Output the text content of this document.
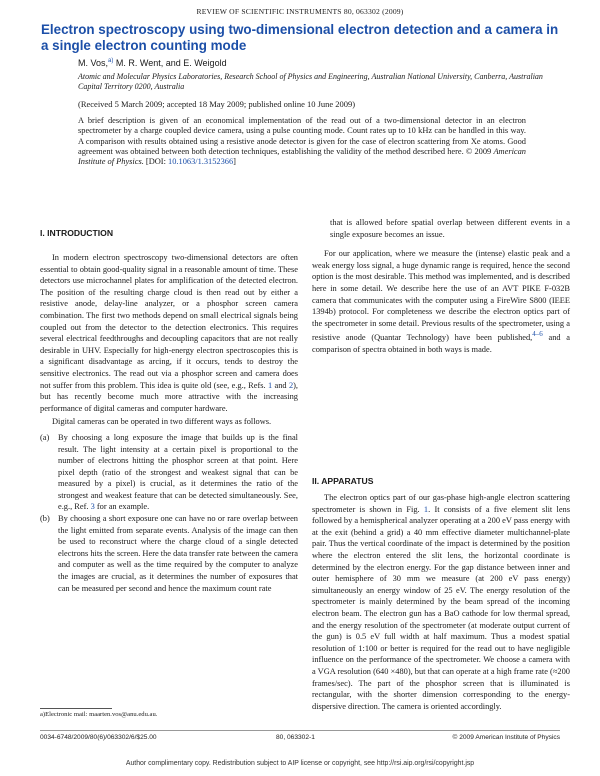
REVIEW OF SCIENTIFIC INSTRUMENTS 80, 063302 (2009)
Electron spectroscopy using two-dimensional electron detection and a camera in a single electron counting mode
M. Vos,$^{a)}$ M. R. Went, and E. Weigold
Atomic and Molecular Physics Laboratories, Research School of Physics and Engineering, Australian National University, Canberra, Australian Capital Territory 0200, Australia
(Received 5 March 2009; accepted 18 May 2009; published online 10 June 2009)
A brief description is given of an economical implementation of the read out of a two-dimensional detector in an electron spectrometer by a charge coupled device camera, using a pulse counting mode. Count rates up to 10 kHz can be handled in this way. A comparison with results obtained using a resistive anode detector is given for the case of electron scattering from Xe atoms. Good agreement was obtained between both detection techniques, establishing the validity of the method described here. © 2009 American Institute of Physics. [DOI: 10.1063/1.3152366]
I. INTRODUCTION

In modern electron spectroscopy two-dimensional detectors are often essential to obtain good-quality signal in a reasonable amount of time. These detectors use microchannel plates for amplification of the detected electron. The position of the resulting charge cloud is then read out by either a resistive anode, delay-line analyzer, or a phosphor screen camera combination. The first two methods depend on small electrical signals being coupled out from the detector to the detection electronics. This requires several electrical feedthroughs and decoupling capacitors that are not really desirable in UHV. Especially for high-energy electron spectroscopies this is a significant disadvantage as arcing, if it occurs, tends to destroy the sensitive electronics. The read out via a phosphor screen and camera does not suffer from this problem. This idea is quite old (see, e.g., Refs. 1 and 2), but has recently become much more attractive with the increasing performance of digital cameras and computer hardware.

Digital cameras can be operated in two different ways as follows.

(a) By choosing a long exposure the image that builds up is the final result. The light intensity at a certain pixel is proportional to the number of electrons hitting the phosphor screen at that point. Here pixel depth (ratio of the strongest and weakest signal that can be measured by a pixel) is crucial, as it determines the ratio of the strongest and weakest feature that can be detected simultaneously. See, e.g., Ref. 3 for an example.
(b) By choosing a short exposure one can have no or rare overlap between the light emitted from separate events. Analysis of the image can then be used to reconstruct where the charge cloud of a single detected electrons hits the screen. Here the data transfer rate between the camera and computer as well as the time required by the computer to analyze the images are crucial, as it determines the number of exposures that can be measured per second and hence the maximum count rate

that is allowed before spatial overlap between different events in a single exposure becomes an issue.

For our application, where we measure the (intense) elastic peak and a weak energy loss signal, a huge dynamic range is required, hence the second option is the most desirable. This method was implemented, and is described here in some detail. We describe here the use of an AVT PIKE F-032B camera that communicates with the computer using a FireWire S800 (IEEE 1394b) protocol. For completeness we describe the electron optics part of the spectrometer in some detail. Previous results of the spectrometer, using a resistive anode (Quantar Technology) have been published,$^{4-6}$ and a comparison of spectra obtained in both ways is made.

II. APPARATUS

The electron optics part of our gas-phase high-angle electron scattering spectrometer is shown in Fig. 1. It consists of a five element slit lens followed by a hemispherical analyzer operating at a 200 eV pass energy with at the exit (behind a grid) a 40 mm effective diameter multichannel-plate pair. Thus the vertical coordinate of the impact is determined by the position where the electron entered the slit lens, the horizontal coordinate is determined by the electron energy. For the gap distance between inner and outer hemisphere of 30 mm we measure (at 200 eV pass energy) simultaneously an energy window of 25 eV. The energy resolution of the spectrometer is mainly determined by the beam spread of the incoming electron beam. The electron gun has a BaO cathode for low thermal spread, and the energy resolution of the spectrometer (at moderate output current of the gun) is 0.5 eV full width at half maximum. Thus a modest spatial resolution of 1:100 or better is required for the read out to have negligible influence on the performance of the spectrometer. We choose a camera with a VGA resolution (640 ×480), but that can operate at a high frame rate (≈200 frames/sec). The part of the phosphor screen that is illuminated is rectangular, with the shorter dimension corresponding to the energy-dispersive direction. The camera is oriented accordingly.

a)Electronic mail: maarten.vos@anu.edu.au.
0034-6748/2009/80(6)/063302/6/$25.00	80, 063302-1	© 2009 American Institute of Physics
Author complimentary copy. Redistribution subject to AIP license or copyright, see http://rsi.aip.org/rsi/copyright.jsp
